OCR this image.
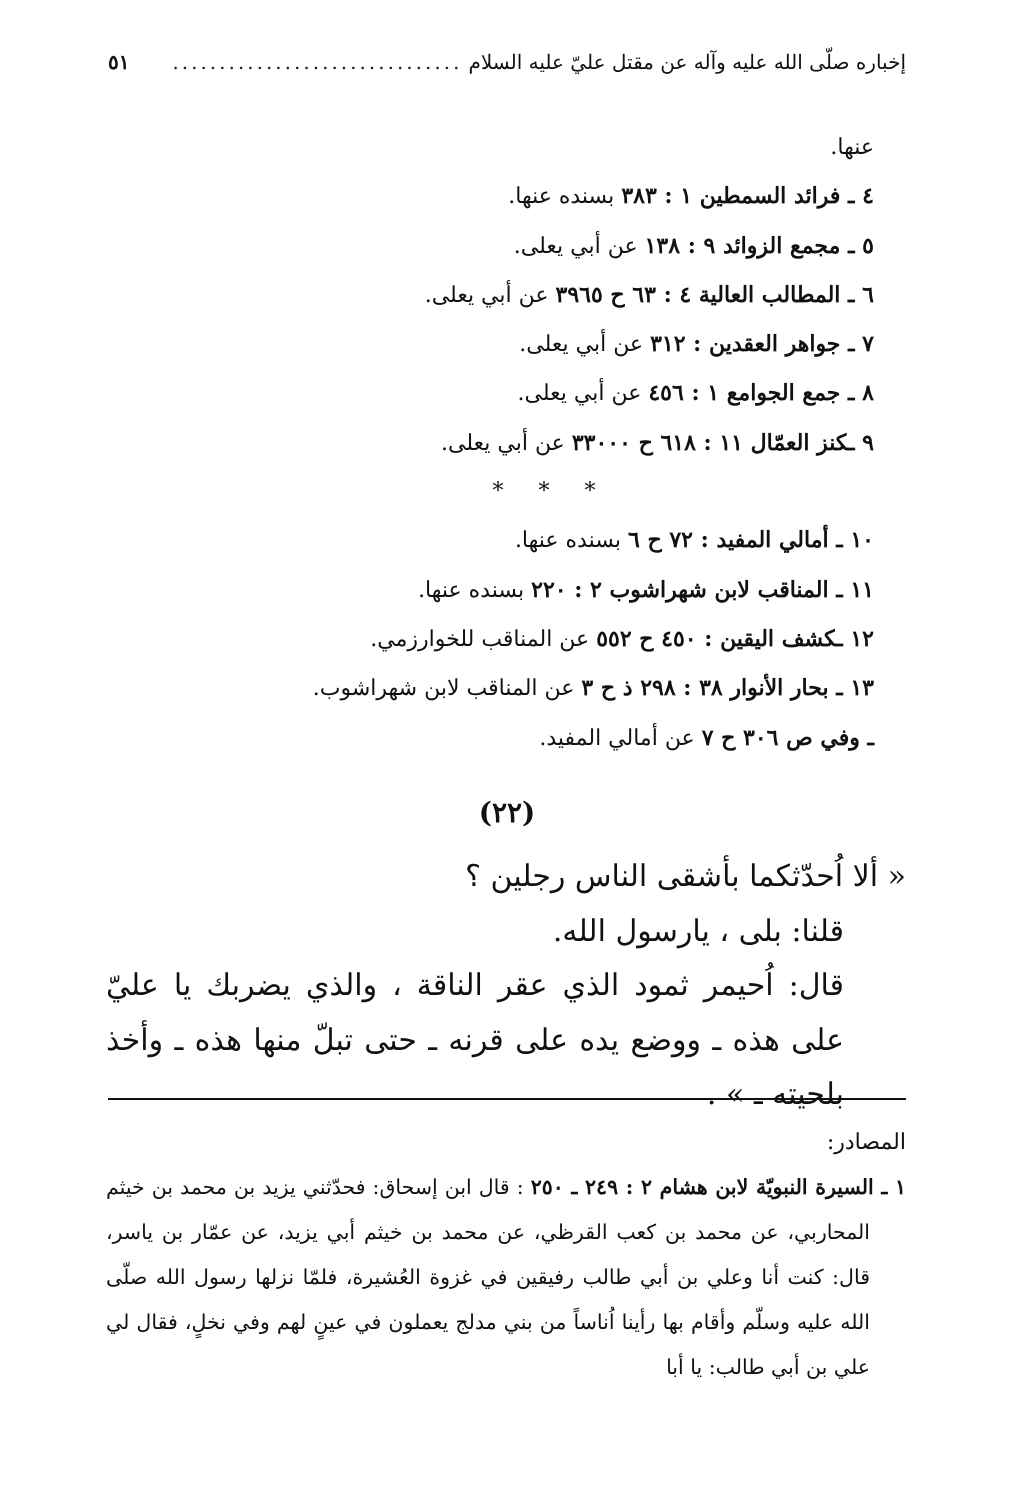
إخباره صلّى الله عليه وآله عن مقتل عليّ عليه السلام
...............................
٥١
عنها.
٤ ـ فرائد السمطين ١ : ٣٨٣ بسنده عنها.
٥ ـ مجمع الزوائد ٩ : ١٣٨ عن أبي يعلى.
٦ ـ المطالب العالية ٤ : ٦٣ ح ٣٩٦٥ عن أبي يعلى.
٧ ـ جواهر العقدين : ٣١٢ عن أبي يعلى.
٨ ـ جمع الجوامع ١ : ٤٥٦ عن أبي يعلى.
٩ ـكنز العمّال ١١ : ٦١٨ ح ٣٣٠٠٠ عن أبي يعلى.
* * *
١٠ ـ أمالي المفيد : ٧٢ ح ٦ بسنده عنها.
١١ ـ المناقب لابن شهراشوب ٢ : ٢٢٠ بسنده عنها.
١٢ ـكشف اليقين : ٤٥٠ ح ٥٥٢ عن المناقب للخوارزمي.
١٣ ـ بحار الأنوار ٣٨ : ٢٩٨ ذ ح ٣ عن المناقب لابن شهراشوب.
ـ وفي ص ٣٠٦ ح ٧ عن أمالي المفيد.
(٢٢)
« ألا اُحدّثكما بأشقى الناس رجلين ؟
قلنا: بلى ، يارسول الله.
قال: اُحيمر ثمود الذي عقر الناقة ، والذي يضربك يا عليّ على هذه ـ ووضع يده على قرنه ـ حتى تبلّ منها هذه ـ وأخذ بلحيته ـ » .
المصادر:
١ ـ السيرة النبويّة لابن هشام ٢ : ٢٤٩ ـ ٢٥٠ : قال ابن إسحاق: فحدّثني يزيد بن محمد بن خيثم المحاربي، عن محمد بن كعب القرظي، عن محمد بن خيثم أبي يزيد، عن عمّار بن ياسر، قال: كنت أنا وعلي بن أبي طالب رفيقين في غزوة العُشيرة، فلمّا نزلها رسول الله صلّى الله عليه وسلّم وأقام بها رأينا اُناساً من بني مدلج يعملون في عينٍ لهم وفي نخلٍ، فقال لي علي بن أبي طالب: يا أبا
